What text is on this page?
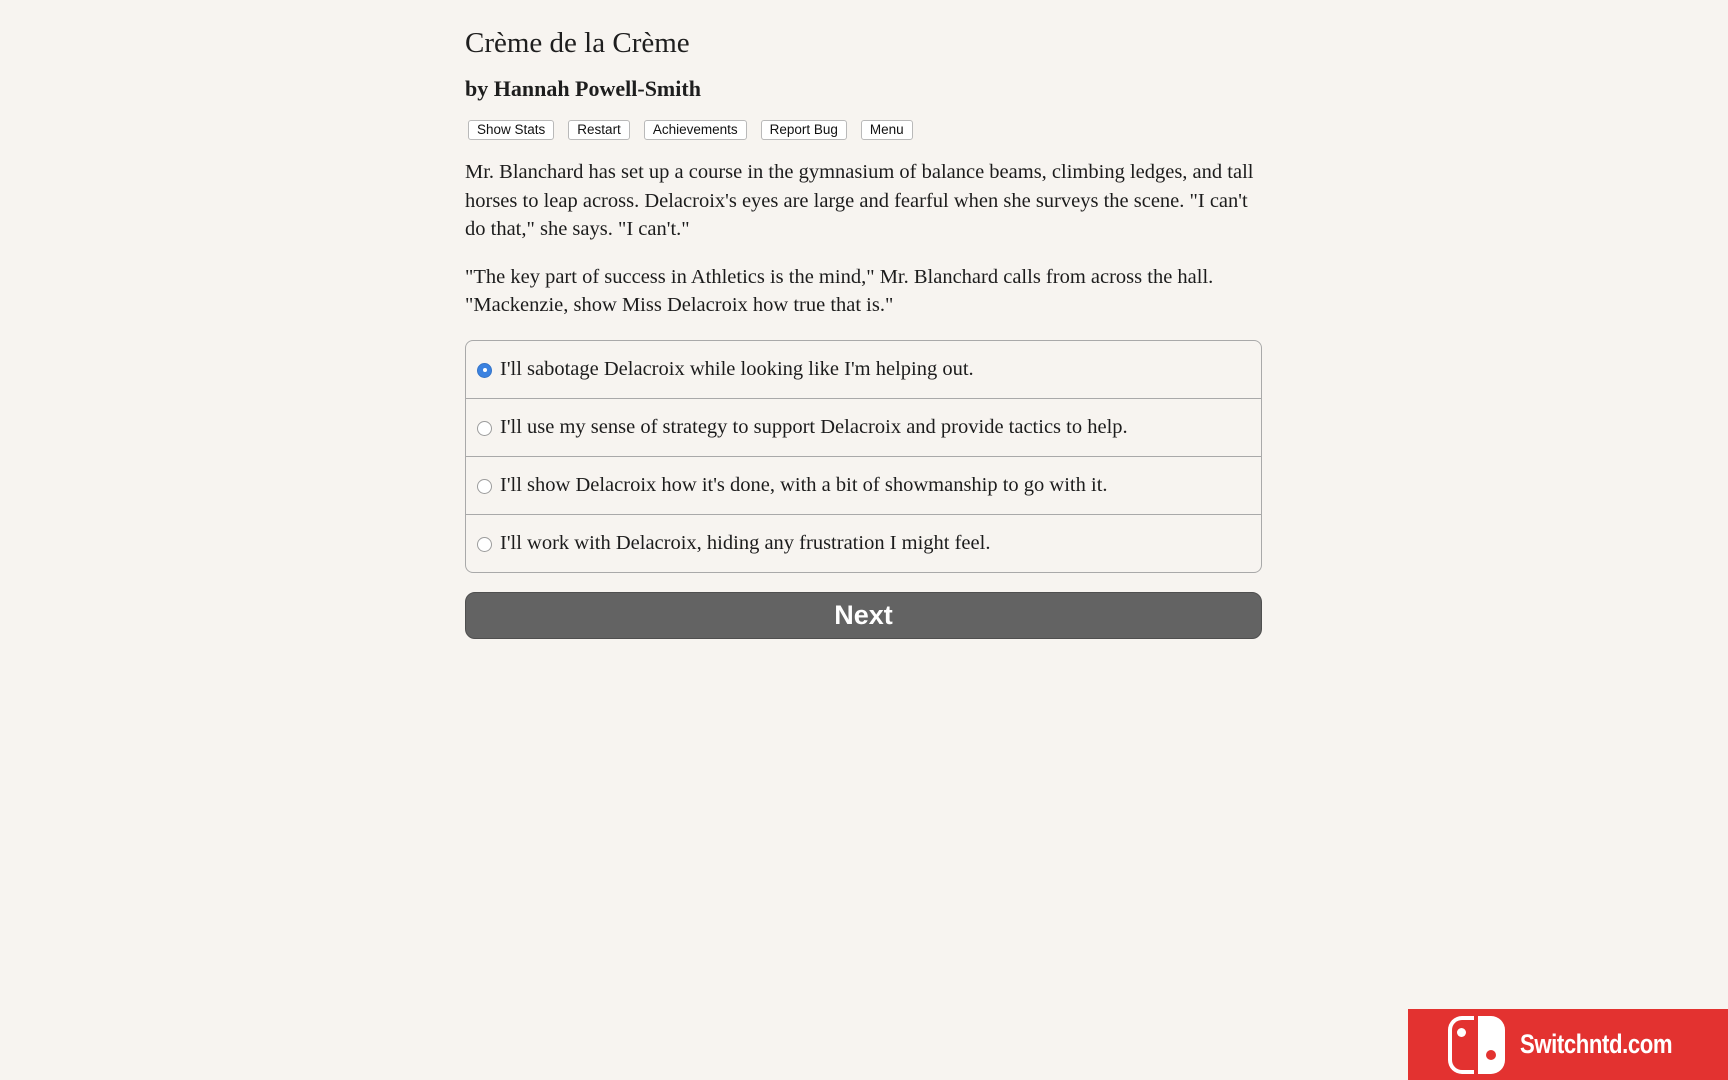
Crème de la Crème
by Hannah Powell-Smith
Show Stats	Restart	Achievements	Report Bug	Menu

Mr. Blanchard has set up a course in the gymnasium of balance beams, climbing ledges, and tall horses to leap across. Delacroix's eyes are large and fearful when she surveys the scene. "I can't do that," she says. "I can't."

"The key part of success in Athletics is the mind," Mr. Blanchard calls from across the hall. "Mackenzie, show Miss Delacroix how true that is."

I'll sabotage Delacroix while looking like I'm helping out.
I'll use my sense of strategy to support Delacroix and provide tactics to help.
I'll show Delacroix how it's done, with a bit of showmanship to go with it.
I'll work with Delacroix, hiding any frustration I might feel.
Next
Switchntd.com
